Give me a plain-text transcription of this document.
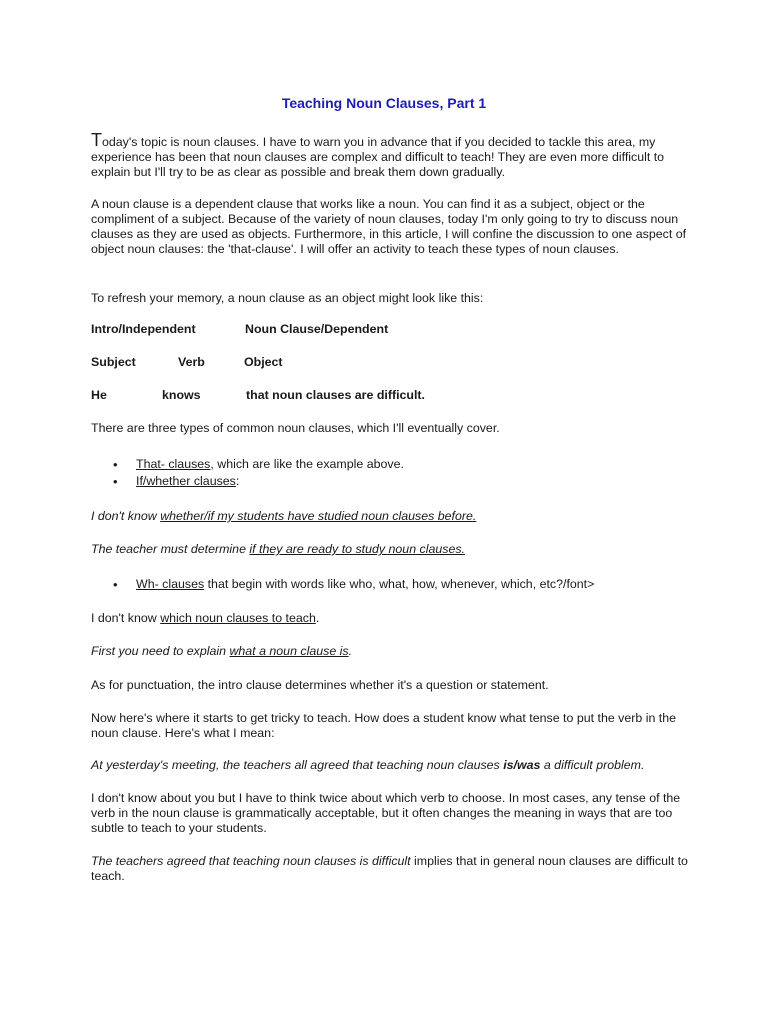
Teaching Noun Clauses, Part 1

Today's topic is noun clauses. I have to warn you in advance that if you decided to tackle this area, my experience has been that noun clauses are complex and difficult to teach! They are even more difficult to explain but I'll try to be as clear as possible and break them down gradually.

A noun clause is a dependent clause that works like a noun. You can find it as a subject, object or the compliment of a subject. Because of the variety of noun clauses, today I'm only going to try to discuss noun clauses as they are used as objects. Furthermore, in this article, I will confine the discussion to one aspect of object noun clauses: the 'that-clause'. I will offer an activity to teach these types of noun clauses.

To refresh your memory, a noun clause as an object might look like this:

Intro/Independent	Noun Clause/Dependent
Subject	Verb	Object
He	knows	that noun clauses are difficult.

There are three types of common noun clauses, which I'll eventually cover.

• That- clauses, which are like the example above.
• If/whether clauses:

I don't know whether/if my students have studied noun clauses before.

The teacher must determine if they are ready to study noun clauses.

• Wh- clauses that begin with words like who, what, how, whenever, which, etc?/font>

I don't know which noun clauses to teach.

First you need to explain what a noun clause is.

As for punctuation, the intro clause determines whether it's a question or statement.

Now here's where it starts to get tricky to teach. How does a student know what tense to put the verb in the noun clause. Here's what I mean:

At yesterday's meeting, the teachers all agreed that teaching noun clauses is/was a difficult problem.

I don't know about you but I have to think twice about which verb to choose. In most cases, any tense of the verb in the noun clause is grammatically acceptable, but it often changes the meaning in ways that are too subtle to teach to your students.

The teachers agreed that teaching noun clauses is difficult implies that in general noun clauses are difficult to teach.
